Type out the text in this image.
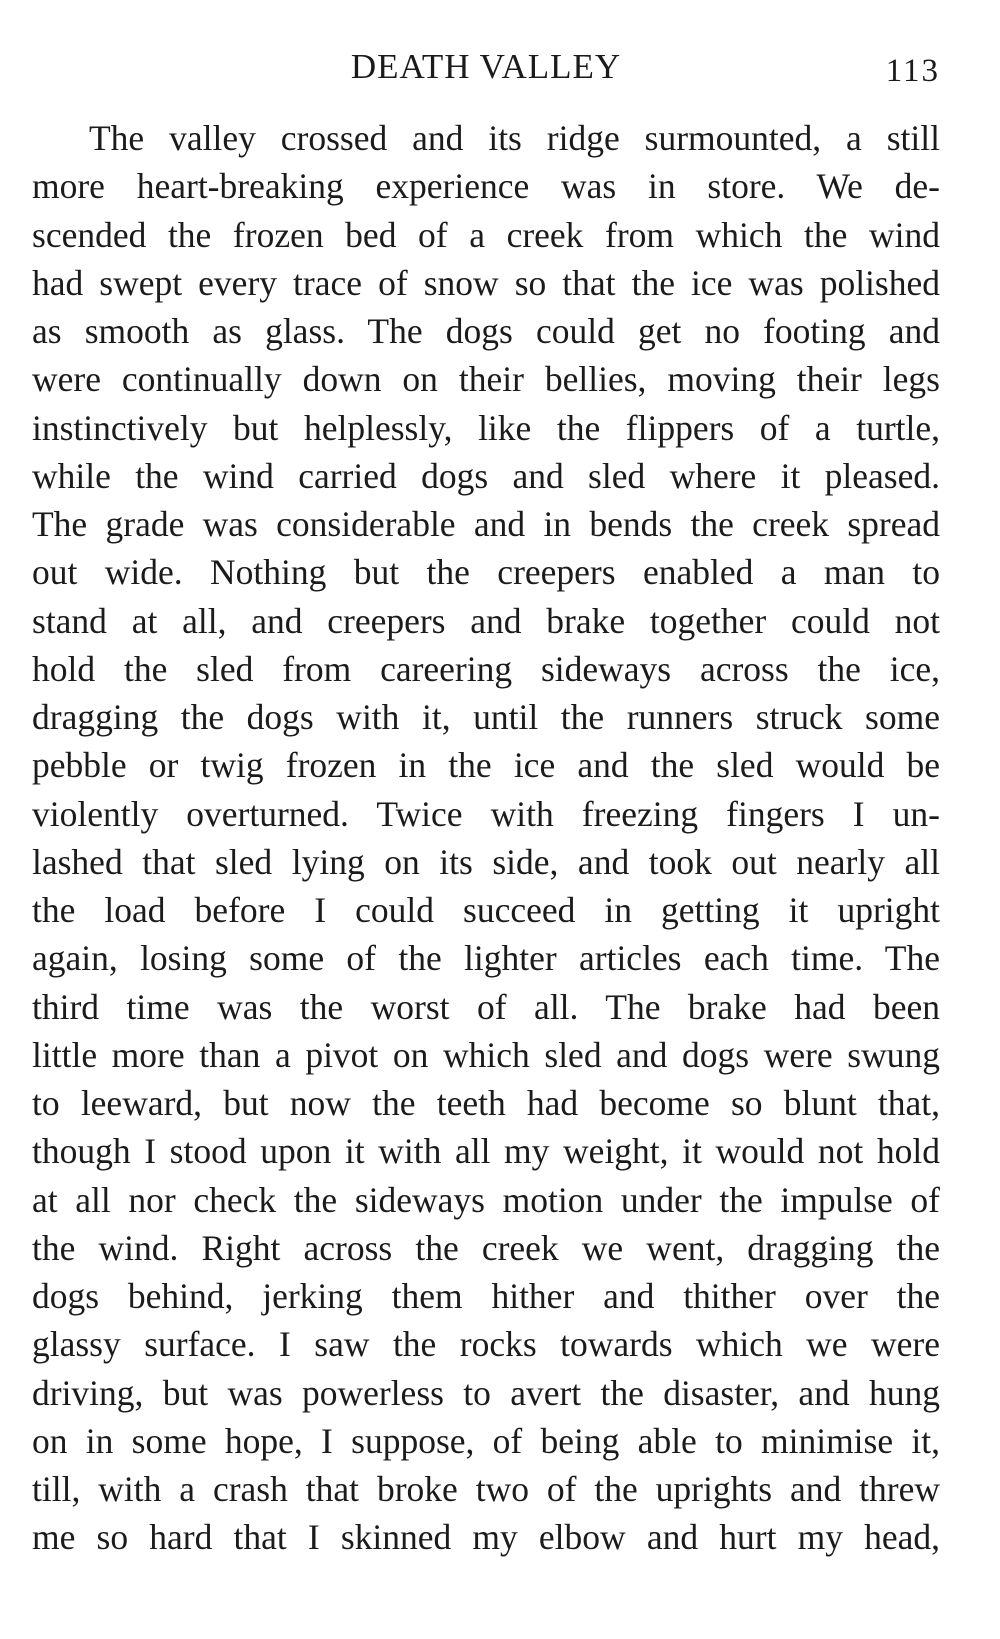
DEATH VALLEY	113
The valley crossed and its ridge surmounted, a still
more heart-breaking experience was in store. We de-
scended the frozen bed of a creek from which the wind
had swept every trace of snow so that the ice was polished
as smooth as glass. The dogs could get no footing and
were continually down on their bellies, moving their legs
instinctively but helplessly, like the flippers of a turtle,
while the wind carried dogs and sled where it pleased.
The grade was considerable and in bends the creek spread
out wide. Nothing but the creepers enabled a man to
stand at all, and creepers and brake together could not
hold the sled from careering sideways across the ice,
dragging the dogs with it, until the runners struck some
pebble or twig frozen in the ice and the sled would be
violently overturned. Twice with freezing fingers I un-
lashed that sled lying on its side, and took out nearly all
the load before I could succeed in getting it upright
again, losing some of the lighter articles each time. The
third time was the worst of all. The brake had been
little more than a pivot on which sled and dogs were swung
to leeward, but now the teeth had become so blunt that,
though I stood upon it with all my weight, it would not hold
at all nor check the sideways motion under the impulse of
the wind. Right across the creek we went, dragging the
dogs behind, jerking them hither and thither over the
glassy surface. I saw the rocks towards which we were
driving, but was powerless to avert the disaster, and hung
on in some hope, I suppose, of being able to minimise it,
till, with a crash that broke two of the uprights and threw
me so hard that I skinned my elbow and hurt my head,
